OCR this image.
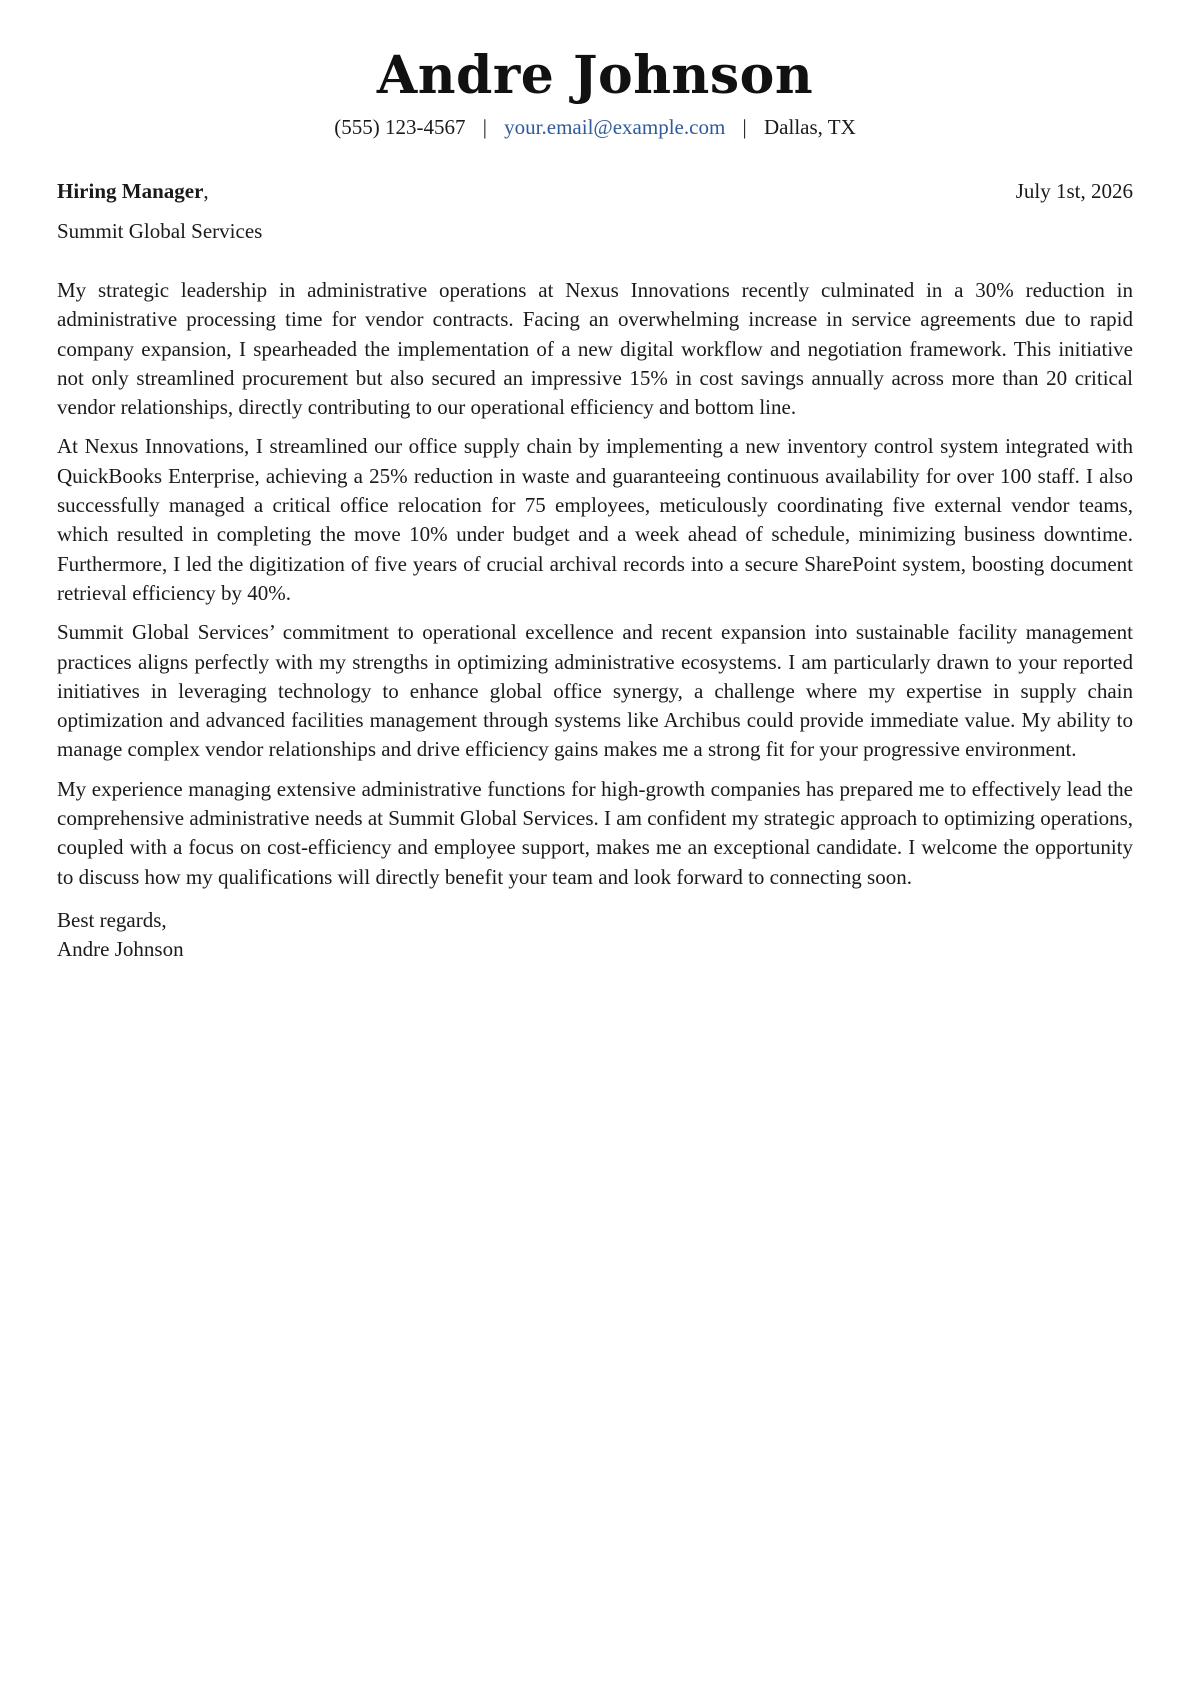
Andre Johnson
(555) 123-4567 | your.email@example.com | Dallas, TX
Hiring Manager,	July 1st, 2026
Summit Global Services

My strategic leadership in administrative operations at Nexus Innovations recently culminated in a 30% reduction in administrative processing time for vendor contracts. Facing an overwhelming increase in service agreements due to rapid company expansion, I spearheaded the implementation of a new digital workflow and negotiation framework. This initiative not only streamlined procurement but also secured an impressive 15% in cost savings annually across more than 20 critical vendor relationships, directly contributing to our operational efficiency and bottom line.

At Nexus Innovations, I streamlined our office supply chain by implementing a new inventory control system integrated with QuickBooks Enterprise, achieving a 25% reduction in waste and guaranteeing continuous availability for over 100 staff. I also successfully managed a critical office relocation for 75 employees, meticulously coordinating five external vendor teams, which resulted in completing the move 10% under budget and a week ahead of schedule, minimizing business downtime. Furthermore, I led the digitization of five years of crucial archival records into a secure SharePoint system, boosting document retrieval efficiency by 40%.

Summit Global Services’ commitment to operational excellence and recent expansion into sustainable facility management practices aligns perfectly with my strengths in optimizing administrative ecosystems. I am particularly drawn to your reported initiatives in leveraging technology to enhance global office synergy, a challenge where my expertise in supply chain optimization and advanced facilities management through systems like Archibus could provide immediate value. My ability to manage complex vendor relationships and drive efficiency gains makes me a strong fit for your progressive environment.

My experience managing extensive administrative functions for high-growth companies has prepared me to effectively lead the comprehensive administrative needs at Summit Global Services. I am confident my strategic approach to optimizing operations, coupled with a focus on cost-efficiency and employee support, makes me an exceptional candidate. I welcome the opportunity to discuss how my qualifications will directly benefit your team and look forward to connecting soon.

Best regards,
Andre Johnson
